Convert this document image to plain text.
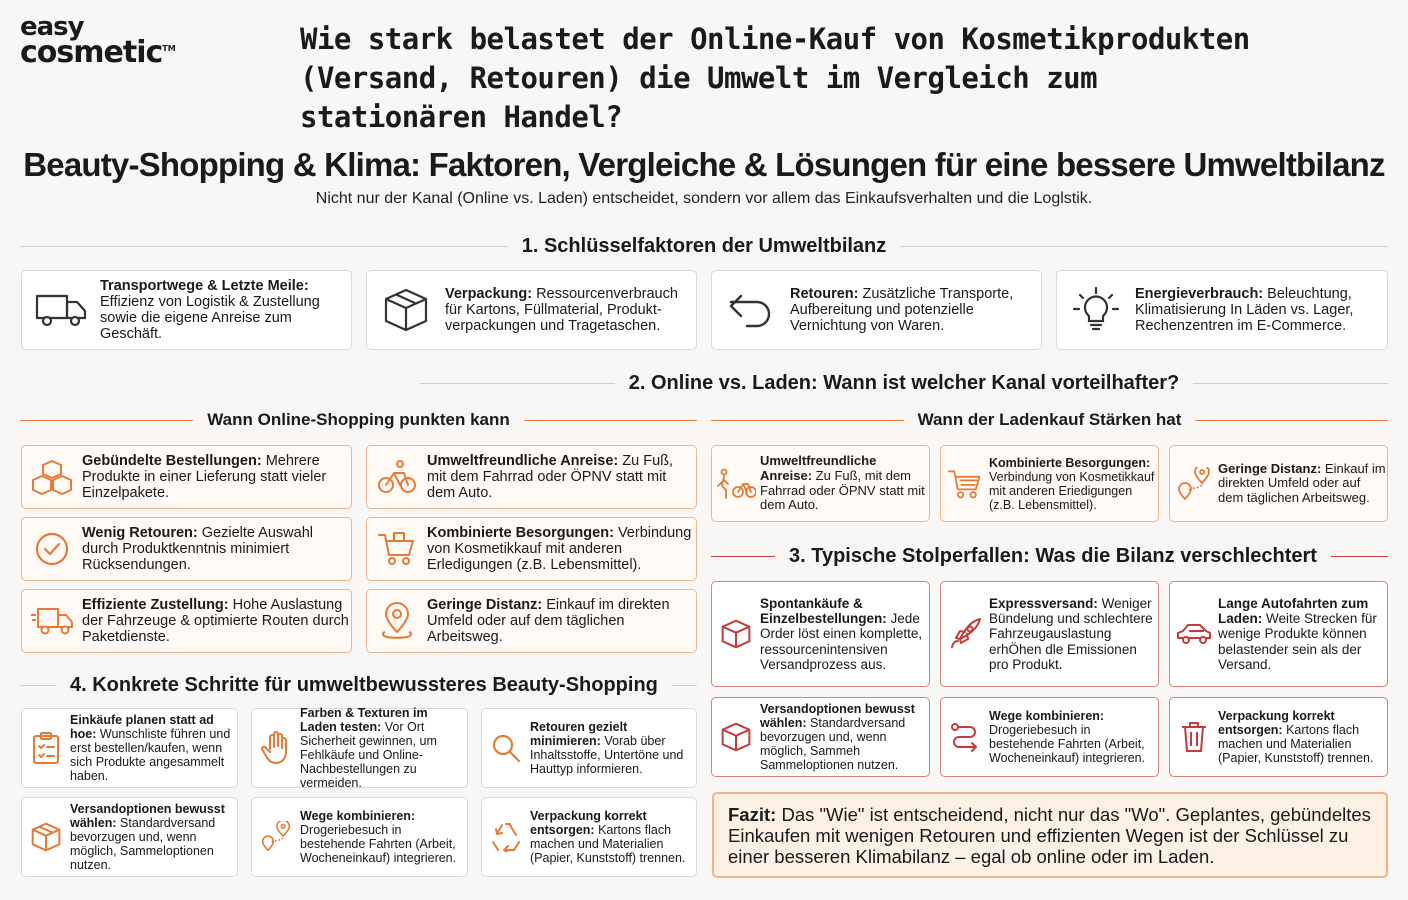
easy
cosmetic™	Wie stark belastet der Online-Kauf von Kosmetikprodukten (Versand, Retouren) die Umwelt im Vergleich zum stationären Handel?
Beauty-Shopping & Klima: Faktoren, Vergleiche & Lösungen für eine bessere Umweltbilanz
Nicht nur der Kanal (Online vs. Laden) entscheidet, sondern vor allem das Einkaufsverhalten und die Loglstik.
1. Schlüsselfaktoren der Umweltbilanz
Transportwege & Letzte Meile: Effizienz von Logistik & Zustellung sowie die eigene Anreise zum Geschäft.
Verpackung: Ressourcenverbrauch für Kartons, Füllmaterial, Produkt-verpackungen und Tragetaschen.
Retouren: Zusätzliche Transporte, Aufbereitung und potenzielle Vernichtung von Waren.
Energieverbrauch: Beleuchtung, Klimatisierung In Läden vs. Lager, Rechenzentren im E-Commerce.
2. Online vs. Laden: Wann ist welcher Kanal vorteilhafter?
Wann Online-Shopping punkten kann	Wann der Ladenkauf Stärken hat
Gebündelte Bestellungen: Mehrere Produkte in einer Lieferung statt vieler Einzelpakete.
Umweltfreundliche Anreise: Zu Fuß, mit dem Fahrrad oder ÖPNV statt mit dem Auto.
Wenig Retouren: Gezielte Auswahl durch Produktkenntnis minimiert Rücksendungen.
Kombinierte Besorgungen: Verbindung von Kosmetikkauf mit anderen Erledigungen (z.B. Lebensmittel).
Effiziente Zustellung: Hohe Auslastung der Fahrzeuge & optimierte Routen durch Paketdienste.
Geringe Distanz: Einkauf im direkten Umfeld oder auf dem täglichen Arbeitsweg.
Umweltfreundliche Anreise: Zu Fuß, mit dem Fahrrad oder ÖPNV statt mit dem Auto.
Kombinierte Besorgungen: Verbindung von Kosmetikkauf mit anderen Eriedigungen (z.B. Lebensmittel).
Geringe Distanz: Einkauf im direkten Umfeld oder auf dem täglichen Arbeitsweg.
3. Typische Stolperfallen: Was die Bilanz verschlechtert
Spontankäufe & Einzelbestellungen: Jede Order löst einen komplette, ressourcenintensiven Versandprozess aus.
Expressversand: Weniger Bündelung und schlechtere Fahrzeugauslastung erhÖhen dle Emissionen pro Produkt.
Lange Autofahrten zum Laden: Weite Strecken für wenige Produkte können belastender sein als der Versand.
Versandoptionen bewusst wählen: Standardversand bevorzugen und, wenn möglich, Sammeh Sammeloptionen nutzen.
Wege kombinieren: Drogeriebesuch in bestehende Fahrten (Arbeit, Wocheneinkauf) integrieren.
Verpackung korrekt entsorgen: Kartons flach machen und Materialien (Papier, Kunststoff) trennen.
4. Konkrete Schritte für umweltbewussteres Beauty-Shopping
Einkäufe planen statt ad hoe: Wunschliste führen und erst bestellen/kaufen, wenn sich Produkte angesammelt haben.
Farben & Texturen im Laden testen: Vor Ort Sicherheit gewinnen, um Fehlkäufe und Online-Nachbestellungen zu vermeiden.
Retouren gezielt minimieren: Vorab über Inhaltsstoffe, Untertöne und Hauttyp informieren.
Versandoptionen bewusst wählen: Standardversand bevorzugen und, wenn möglich, Sammeloptionen nutzen.
Wege kombinieren: Drogeriebesuch in bestehende Fahrten (Arbeit, Wocheneinkauf) integrieren.
Verpackung korrekt entsorgen: Kartons flach machen und Materialien (Papier, Kunststoff) trennen.
Fazit: Das "Wie" ist entscheidend, nicht nur das "Wo". Geplantes, gebündeltes Einkaufen mit wenigen Retouren und effizienten Wegen ist der Schlüssel zu einer besseren Klimabilanz – egal ob online oder im Laden.
